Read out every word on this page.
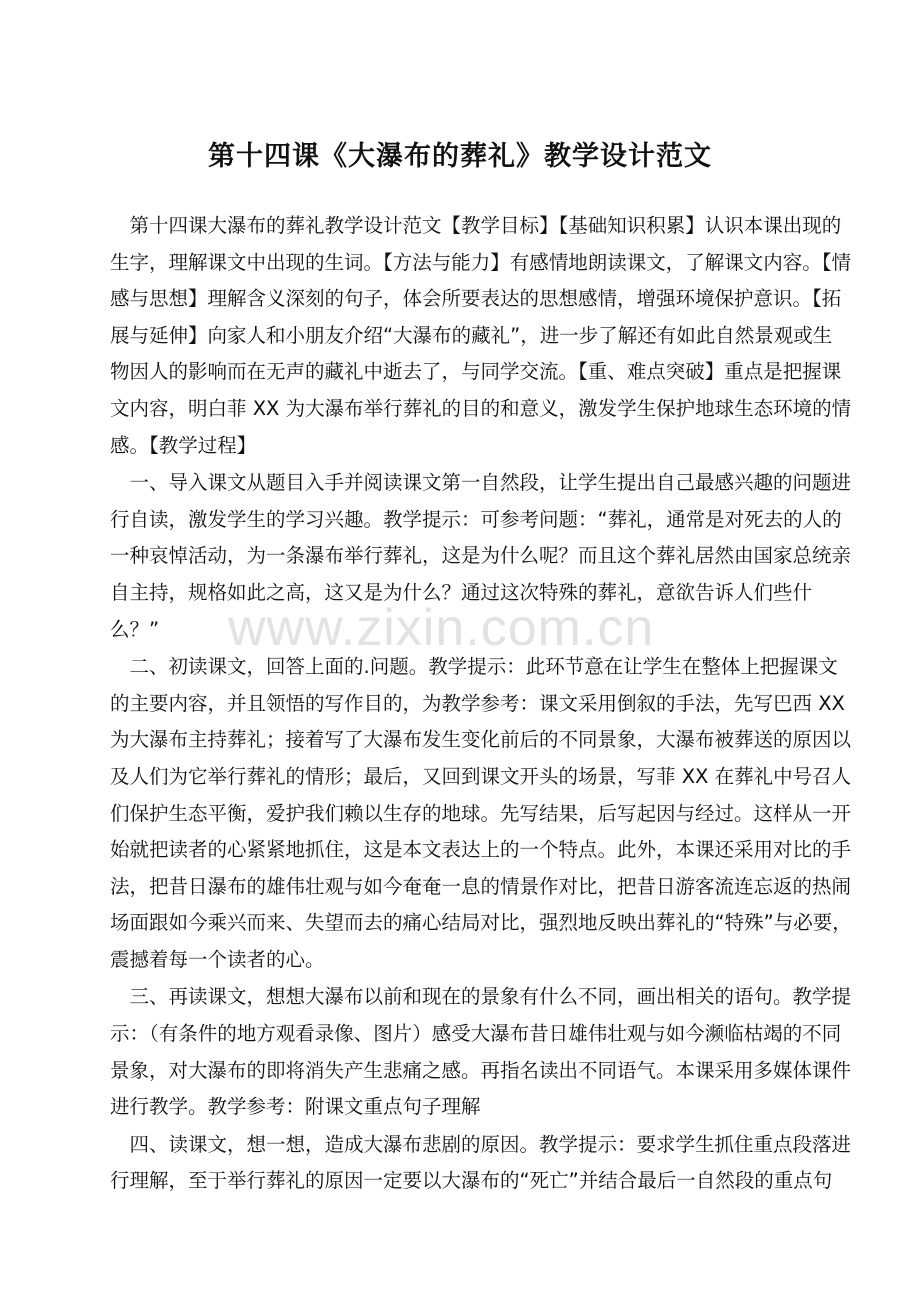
www.zixin.com.cn
第十四课《大瀑布的葬礼》教学设计范文
　第十四课大瀑布的葬礼教学设计范文【教学目标】【基础知识积累】认识本课出现的
生字，理解课文中出现的生词。【方法与能力】有感情地朗读课文，了解课文内容。【情
感与思想】理解含义深刻的句子，体会所要表达的思想感情，增强环境保护意识。【拓
展与延伸】向家人和小朋友介绍“大瀑布的藏礼”，进一步了解还有如此自然景观或生
物因人的影响而在无声的藏礼中逝去了，与同学交流。【重、难点突破】重点是把握课
文内容，明白菲 XX 为大瀑布举行葬礼的目的和意义，激发学生保护地球生态环境的情
感。【教学过程】
　一、导入课文从题目入手并阅读课文第一自然段，让学生提出自己最感兴趣的问题进
行自读，激发学生的学习兴趣。教学提示：可参考问题：“葬礼，通常是对死去的人的
一种哀悼活动，为一条瀑布举行葬礼，这是为什么呢？而且这个葬礼居然由国家总统亲
自主持，规格如此之高，这又是为什么？通过这次特殊的葬礼，意欲告诉人们些什
么？”
　二、初读课文，回答上面的.问题。教学提示：此环节意在让学生在整体上把握课文
的主要内容，并且领悟的写作目的，为教学参考：课文采用倒叙的手法，先写巴西 XX
为大瀑布主持葬礼；接着写了大瀑布发生变化前后的不同景象，大瀑布被葬送的原因以
及人们为它举行葬礼的情形；最后，又回到课文开头的场景，写菲 XX 在葬礼中号召人
们保护生态平衡，爱护我们赖以生存的地球。先写结果，后写起因与经过。这样从一开
始就把读者的心紧紧地抓住，这是本文表达上的一个特点。此外，本课还采用对比的手
法，把昔日瀑布的雄伟壮观与如今奄奄一息的情景作对比，把昔日游客流连忘返的热闹
场面跟如今乘兴而来、失望而去的痛心结局对比，强烈地反映出葬礼的“特殊”与必要，
震撼着每一个读者的心。
　三、再读课文，想想大瀑布以前和现在的景象有什么不同，画出相关的语句。教学提
示：（有条件的地方观看录像、图片）感受大瀑布昔日雄伟壮观与如今濒临枯竭的不同
景象，对大瀑布的即将消失产生悲痛之感。再指名读出不同语气。本课采用多媒体课件
进行教学。教学参考：附课文重点句子理解
　四、读课文，想一想，造成大瀑布悲剧的原因。教学提示：要求学生抓住重点段落进
行理解，至于举行葬礼的原因一定要以大瀑布的“死亡”并结合最后一自然段的重点句
